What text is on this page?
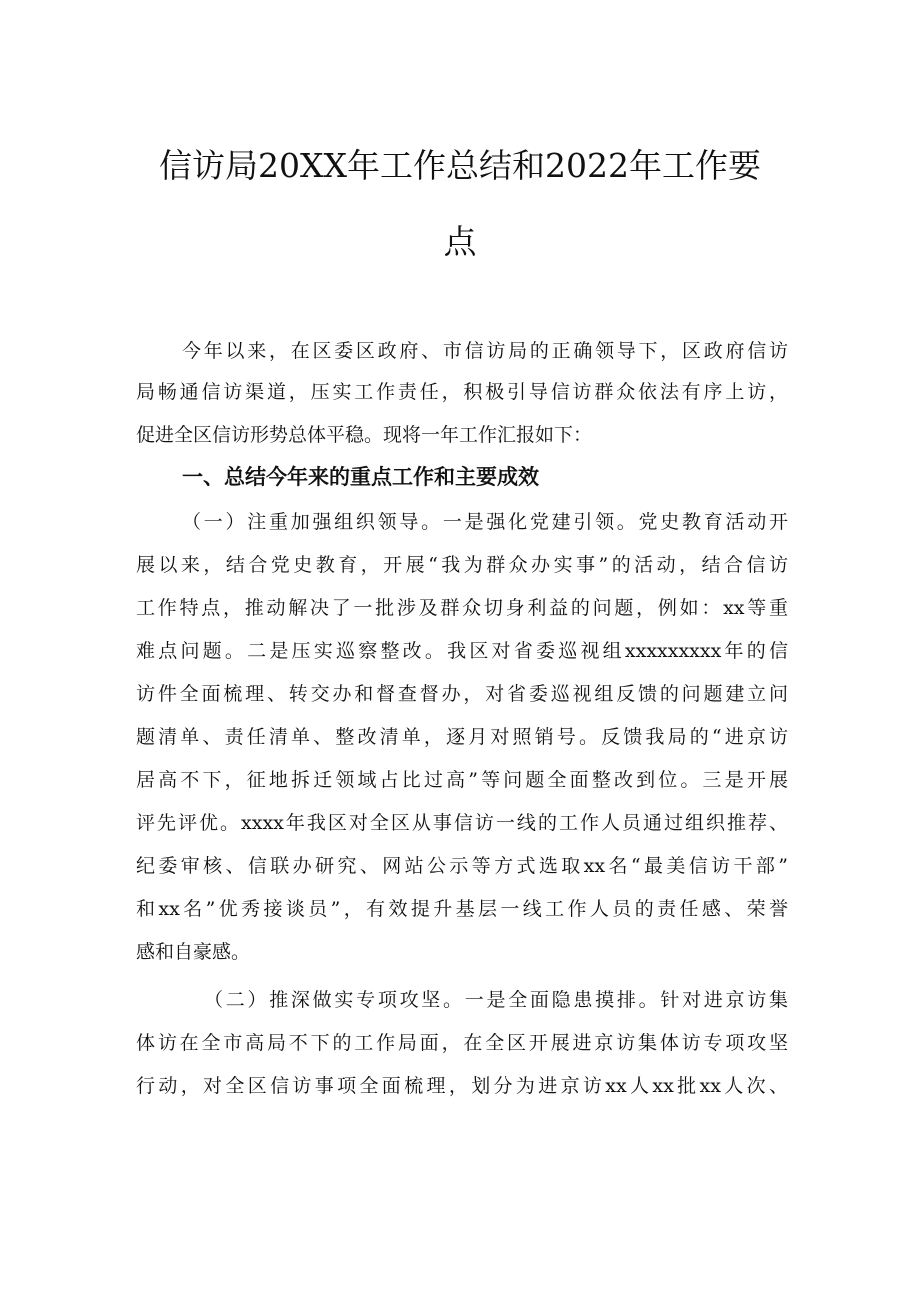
信访局20XX年工作总结和2022年工作要
点
今年以来，在区委区政府、市信访局的正确领导下，区政府信访
局畅通信访渠道，压实工作责任，积极引导信访群众依法有序上访，
促进全区信访形势总体平稳。现将一年工作汇报如下：
一、总结今年来的重点工作和主要成效
（一）注重加强组织领导。一是强化党建引领。党史教育活动开
展以来，结合党史教育，开展“我为群众办实事”的活动，结合信访
工作特点，推动解决了一批涉及群众切身利益的问题，例如：xx等重
难点问题。二是压实巡察整改。我区对省委巡视组xxxxxxxxx年的信
访件全面梳理、转交办和督查督办，对省委巡视组反馈的问题建立问
题清单、责任清单、整改清单，逐月对照销号。反馈我局的“进京访
居高不下，征地拆迁领域占比过高”等问题全面整改到位。三是开展
评先评优。xxxx年我区对全区从事信访一线的工作人员通过组织推荐、
纪委审核、信联办研究、网站公示等方式选取xx名“最美信访干部”
和xx名”优秀接谈员”，有效提升基层一线工作人员的责任感、荣誉
感和自豪感。
（二）推深做实专项攻坚。一是全面隐患摸排。针对进京访集
体访在全市高局不下的工作局面，在全区开展进京访集体访专项攻坚
行动，对全区信访事项全面梳理，划分为进京访xx人xx批xx人次、
